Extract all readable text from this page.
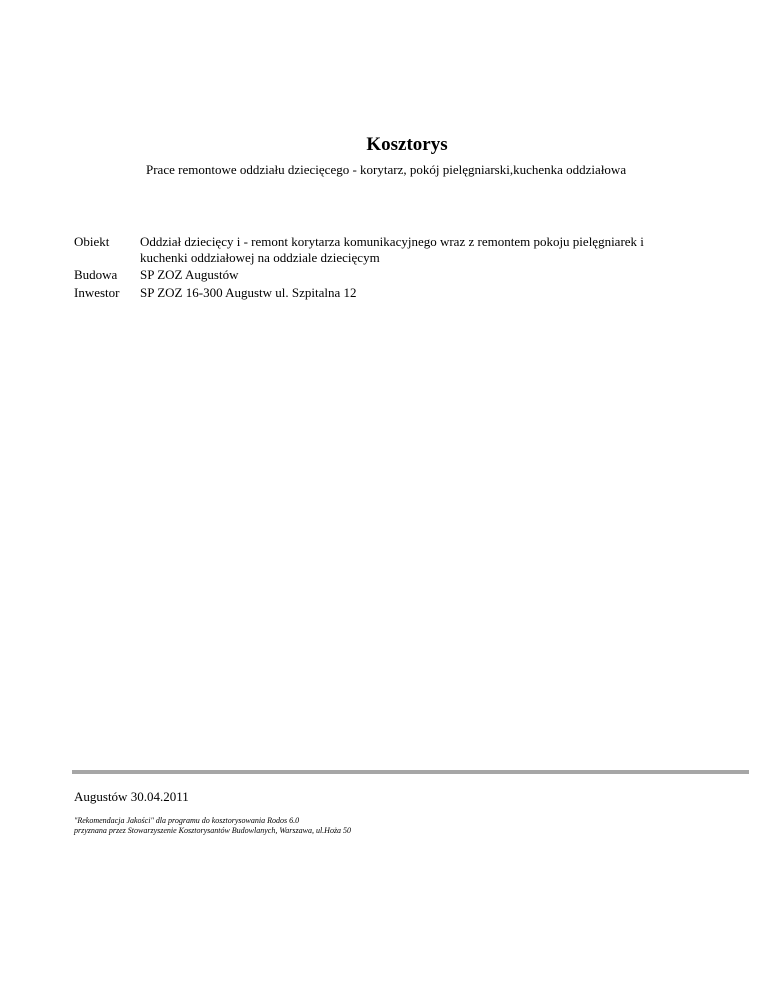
Kosztorys
Prace remontowe oddziału dziecięcego - korytarz, pokój pielęgniarski,kuchenka oddziałowa
Obiekt	Oddział dziecięcy i - remont korytarza komunikacyjnego wraz z remontem pokoju pielęgniarek i
kuchenki oddziałowej na oddziale dziecięcym
Budowa	SP ZOZ Augustów
Inwestor	SP ZOZ 16-300 Augustw ul. Szpitalna 12
Augustów 30.04.2011
"Rekomendacja Jakości" dla programu do kosztorysowania Rodos 6.0
przyznana przez Stowarzyszenie Kosztorysantów Budowlanych, Warszawa, ul.Hoża 50
